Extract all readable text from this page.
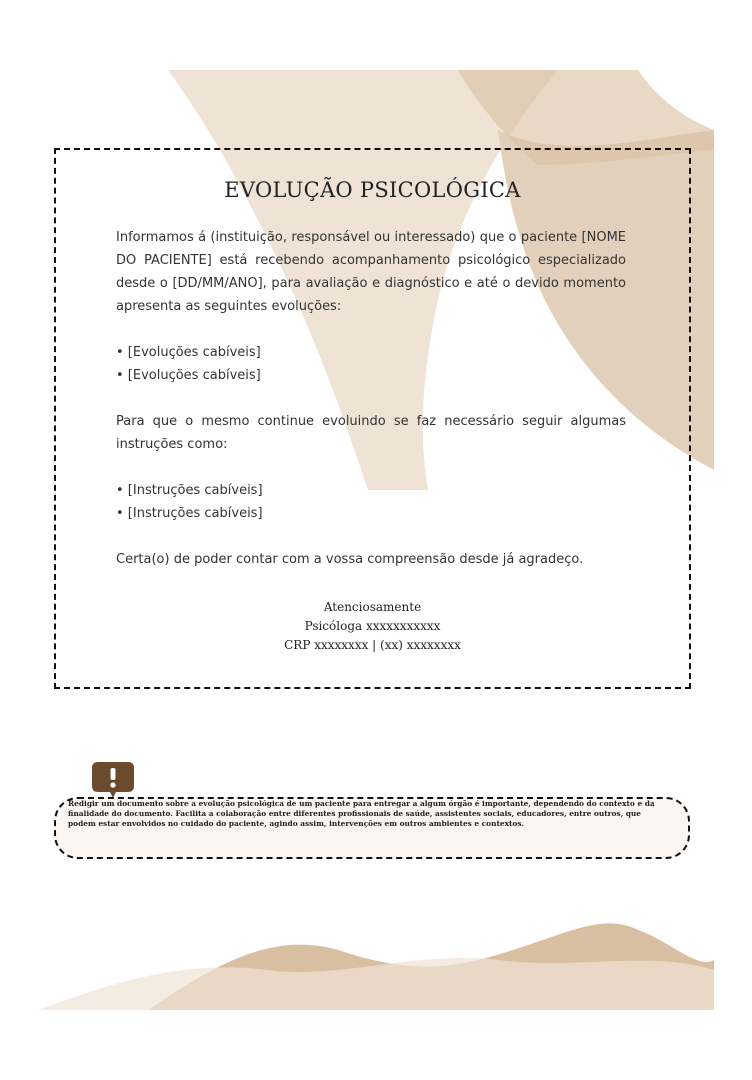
EVOLUÇÃO PSICOLÓGICA

Informamos á (instituição, responsável ou interessado) que o paciente [NOME DO PACIENTE] está recebendo acompanhamento psicológico especializado desde o [DD/MM/ANO], para avaliação e diagnóstico e até o devido momento apresenta as seguintes evoluções:

• [Evoluções cabíveis]
• [Evoluções cabíveis]

Para que o mesmo continue evoluindo se faz necessário seguir algumas instruções como:

• [Instruções cabíveis]
• [Instruções cabíveis]

Certa(o) de poder contar com a vossa compreensão desde já agradeço.

Atenciosamente
Psicóloga xxxxxxxxxxx
CRP xxxxxxxx | (xx) xxxxxxxx
Redigir um documento sobre a evolução psicológica de um paciente para entregar a algum órgão é importante, dependendo do contexto e da finalidade do documento. Facilita a colaboração entre diferentes profissionais de saúde, assistentes sociais, educadores, entre outros, que podem estar envolvidos no cuidado do paciente, agindo assim, intervenções em outros ambientes e contextos.
